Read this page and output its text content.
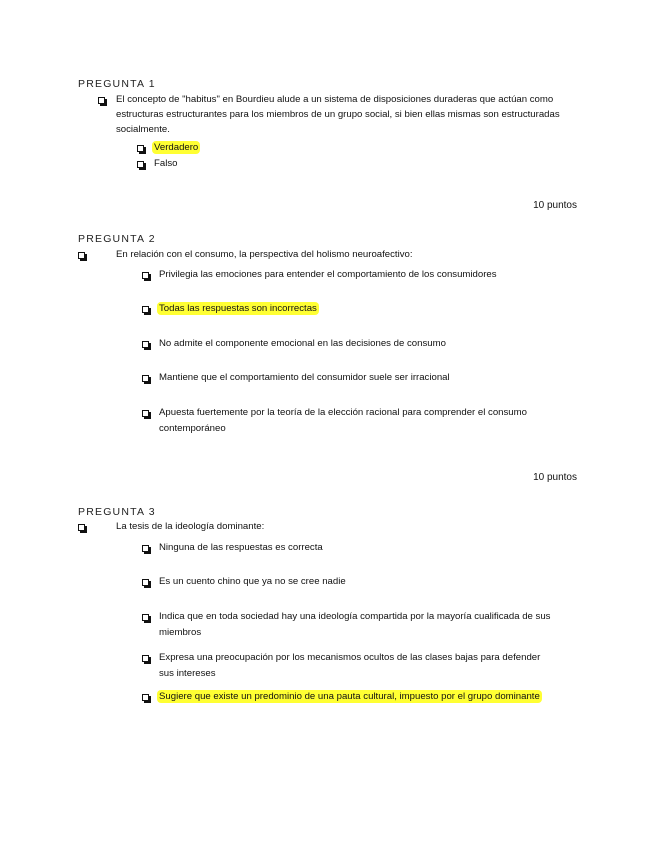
PREGUNTA 1
El concepto de "habitus" en Bourdieu alude a un sistema de disposiciones duraderas que actúan como estructuras estructurantes para los miembros de un grupo social, si bien ellas mismas son estructuradas socialmente.
Verdadero
Falso
10 puntos
PREGUNTA 2
En relación con el consumo, la perspectiva del holismo neuroafectivo:
Privilegia las emociones para entender el comportamiento de los consumidores
Todas las respuestas son incorrectas
No admite el componente emocional en las decisiones de consumo
Mantiene que el comportamiento del consumidor suele ser irracional
Apuesta fuertemente por la teoría de la elección racional para comprender el consumo contemporáneo
10 puntos
PREGUNTA 3
La tesis de la ideología dominante:
Ninguna de las respuestas es correcta
Es un cuento chino que ya no se cree nadie
Indica que en toda sociedad hay una ideología compartida por la mayoría cualificada de sus miembros
Expresa una preocupación por los mecanismos ocultos de las clases bajas para defender sus intereses
Sugiere que existe un predominio de una pauta cultural, impuesto por el grupo dominante
